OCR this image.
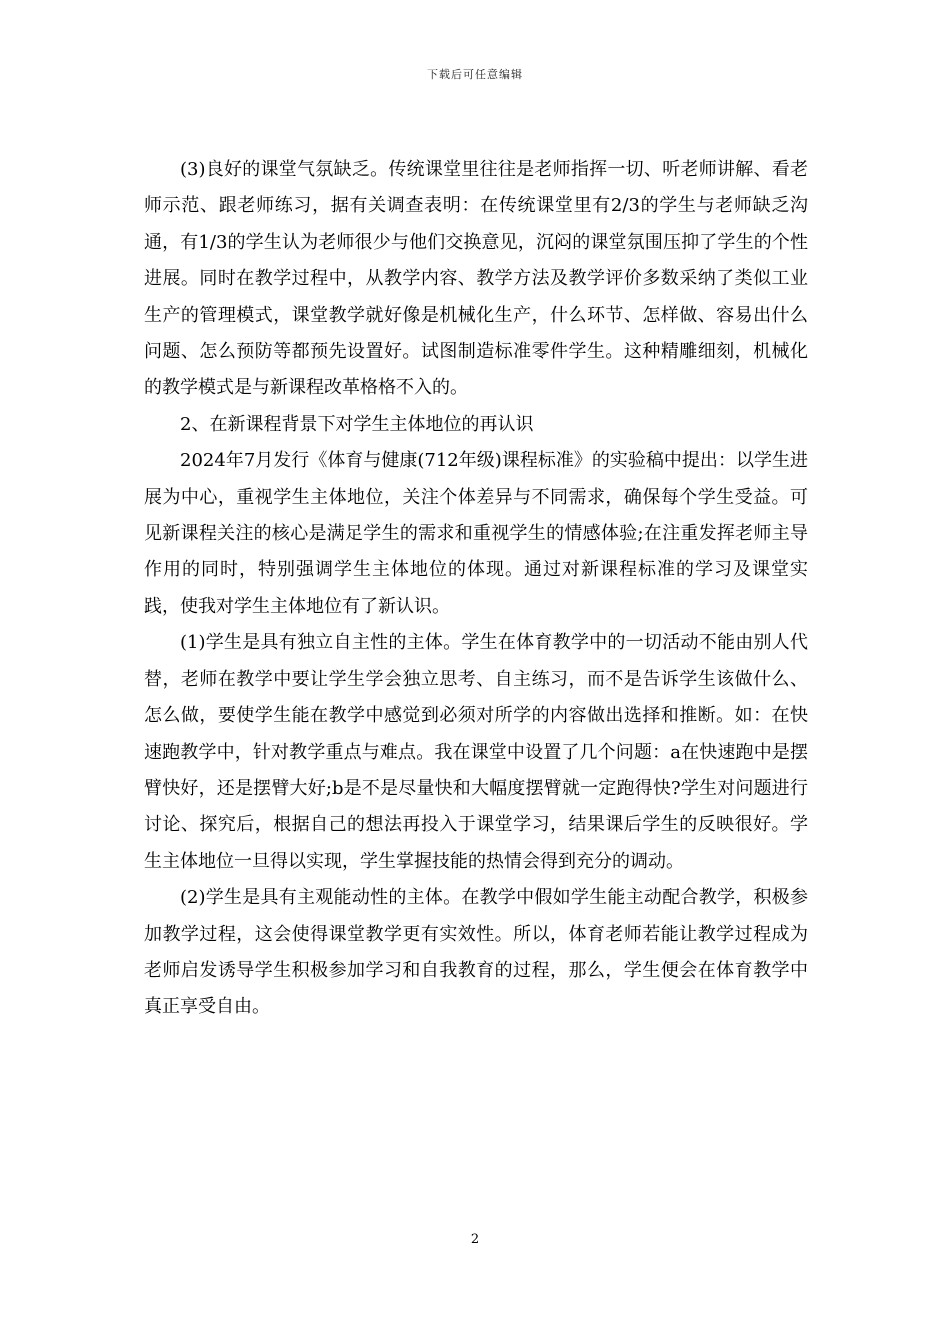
下载后可任意编辑

(3)良好的课堂气氛缺乏。传统课堂里往往是老师指挥一切、听老师讲解、看老师示范、跟老师练习，据有关调查表明：在传统课堂里有2/3的学生与老师缺乏沟通，有1/3的学生认为老师很少与他们交换意见，沉闷的课堂氛围压抑了学生的个性进展。同时在教学过程中，从教学内容、教学方法及教学评价多数采纳了类似工业生产的管理模式，课堂教学就好像是机械化生产，什么环节、怎样做、容易出什么问题、怎么预防等都预先设置好。试图制造标准零件学生。这种精雕细刻，机械化的教学模式是与新课程改革格格不入的。

2、在新课程背景下对学生主体地位的再认识

2024年7月发行《体育与健康(712年级)课程标准》的实验稿中提出：以学生进展为中心，重视学生主体地位，关注个体差异与不同需求，确保每个学生受益。可见新课程关注的核心是满足学生的需求和重视学生的情感体验;在注重发挥老师主导作用的同时，特别强调学生主体地位的体现。通过对新课程标准的学习及课堂实践，使我对学生主体地位有了新认识。

(1)学生是具有独立自主性的主体。学生在体育教学中的一切活动不能由别人代替，老师在教学中要让学生学会独立思考、自主练习，而不是告诉学生该做什么、怎么做，要使学生能在教学中感觉到必须对所学的内容做出选择和推断。如：在快速跑教学中，针对教学重点与难点。我在课堂中设置了几个问题：a在快速跑中是摆臂快好，还是摆臂大好;b是不是尽量快和大幅度摆臂就一定跑得快?学生对问题进行讨论、探究后，根据自己的想法再投入于课堂学习，结果课后学生的反映很好。学生主体地位一旦得以实现，学生掌握技能的热情会得到充分的调动。

(2)学生是具有主观能动性的主体。在教学中假如学生能主动配合教学，积极参加教学过程，这会使得课堂教学更有实效性。所以，体育老师若能让教学过程成为老师启发诱导学生积极参加学习和自我教育的过程，那么，学生便会在体育教学中真正享受自由。

2
